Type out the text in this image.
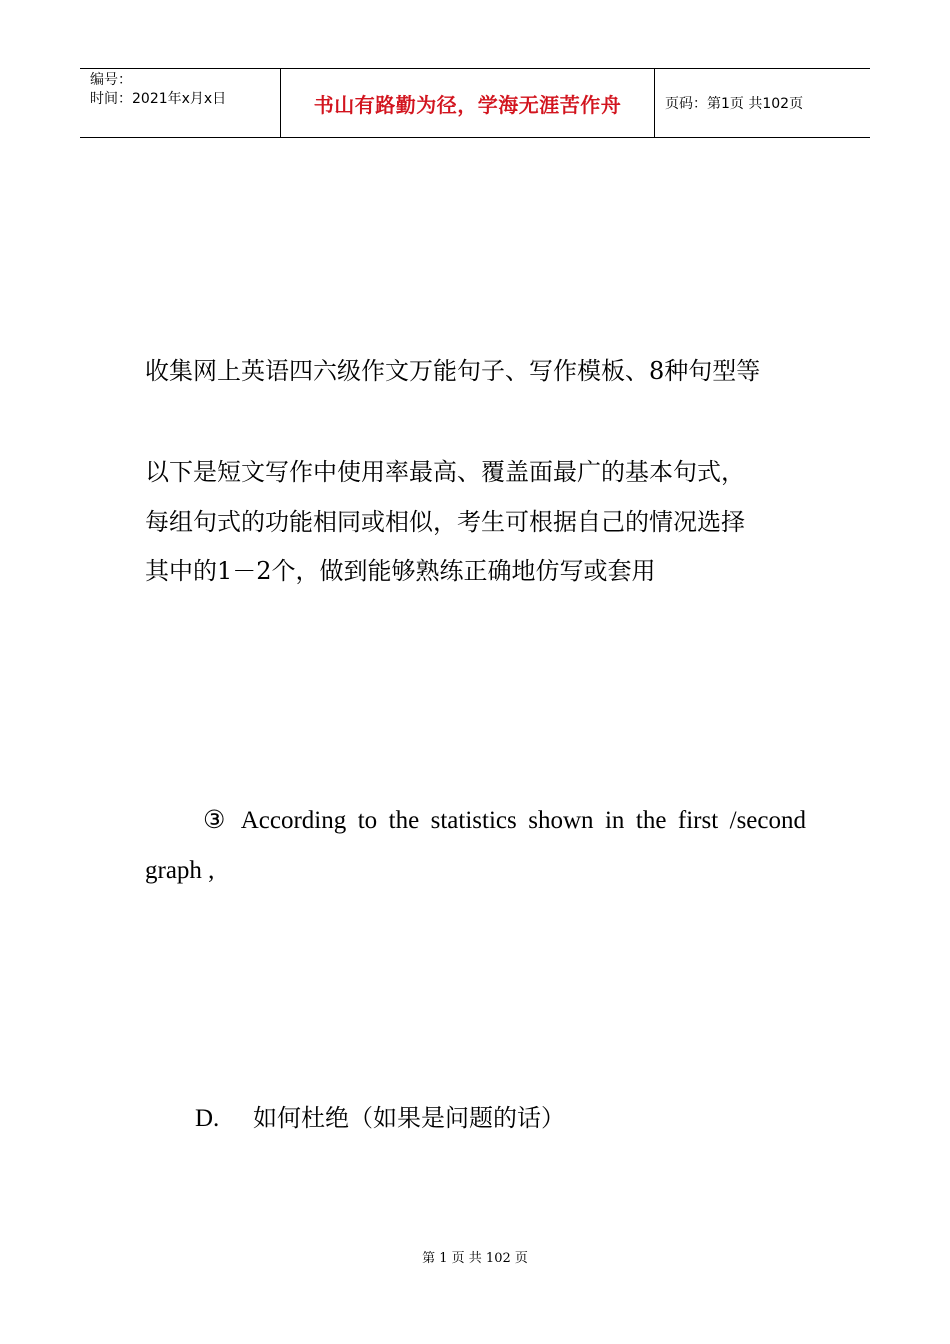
编号：
时间：2021年x月x日	书山有路勤为径，学海无涯苦作舟	页码：第1页 共102页
收集网上英语四六级作文万能句子、写作模板、8种句型等
以下是短文写作中使用率最高、覆盖面最广的基本句式，
每组句式的功能相同或相似，考生可根据自己的情况选择
其中的1－2个，做到能够熟练正确地仿写或套用
③ According to the statistics shown in the first /second
graph ,
D. 如何杜绝（如果是问题的话）
第 1 页 共 102 页
